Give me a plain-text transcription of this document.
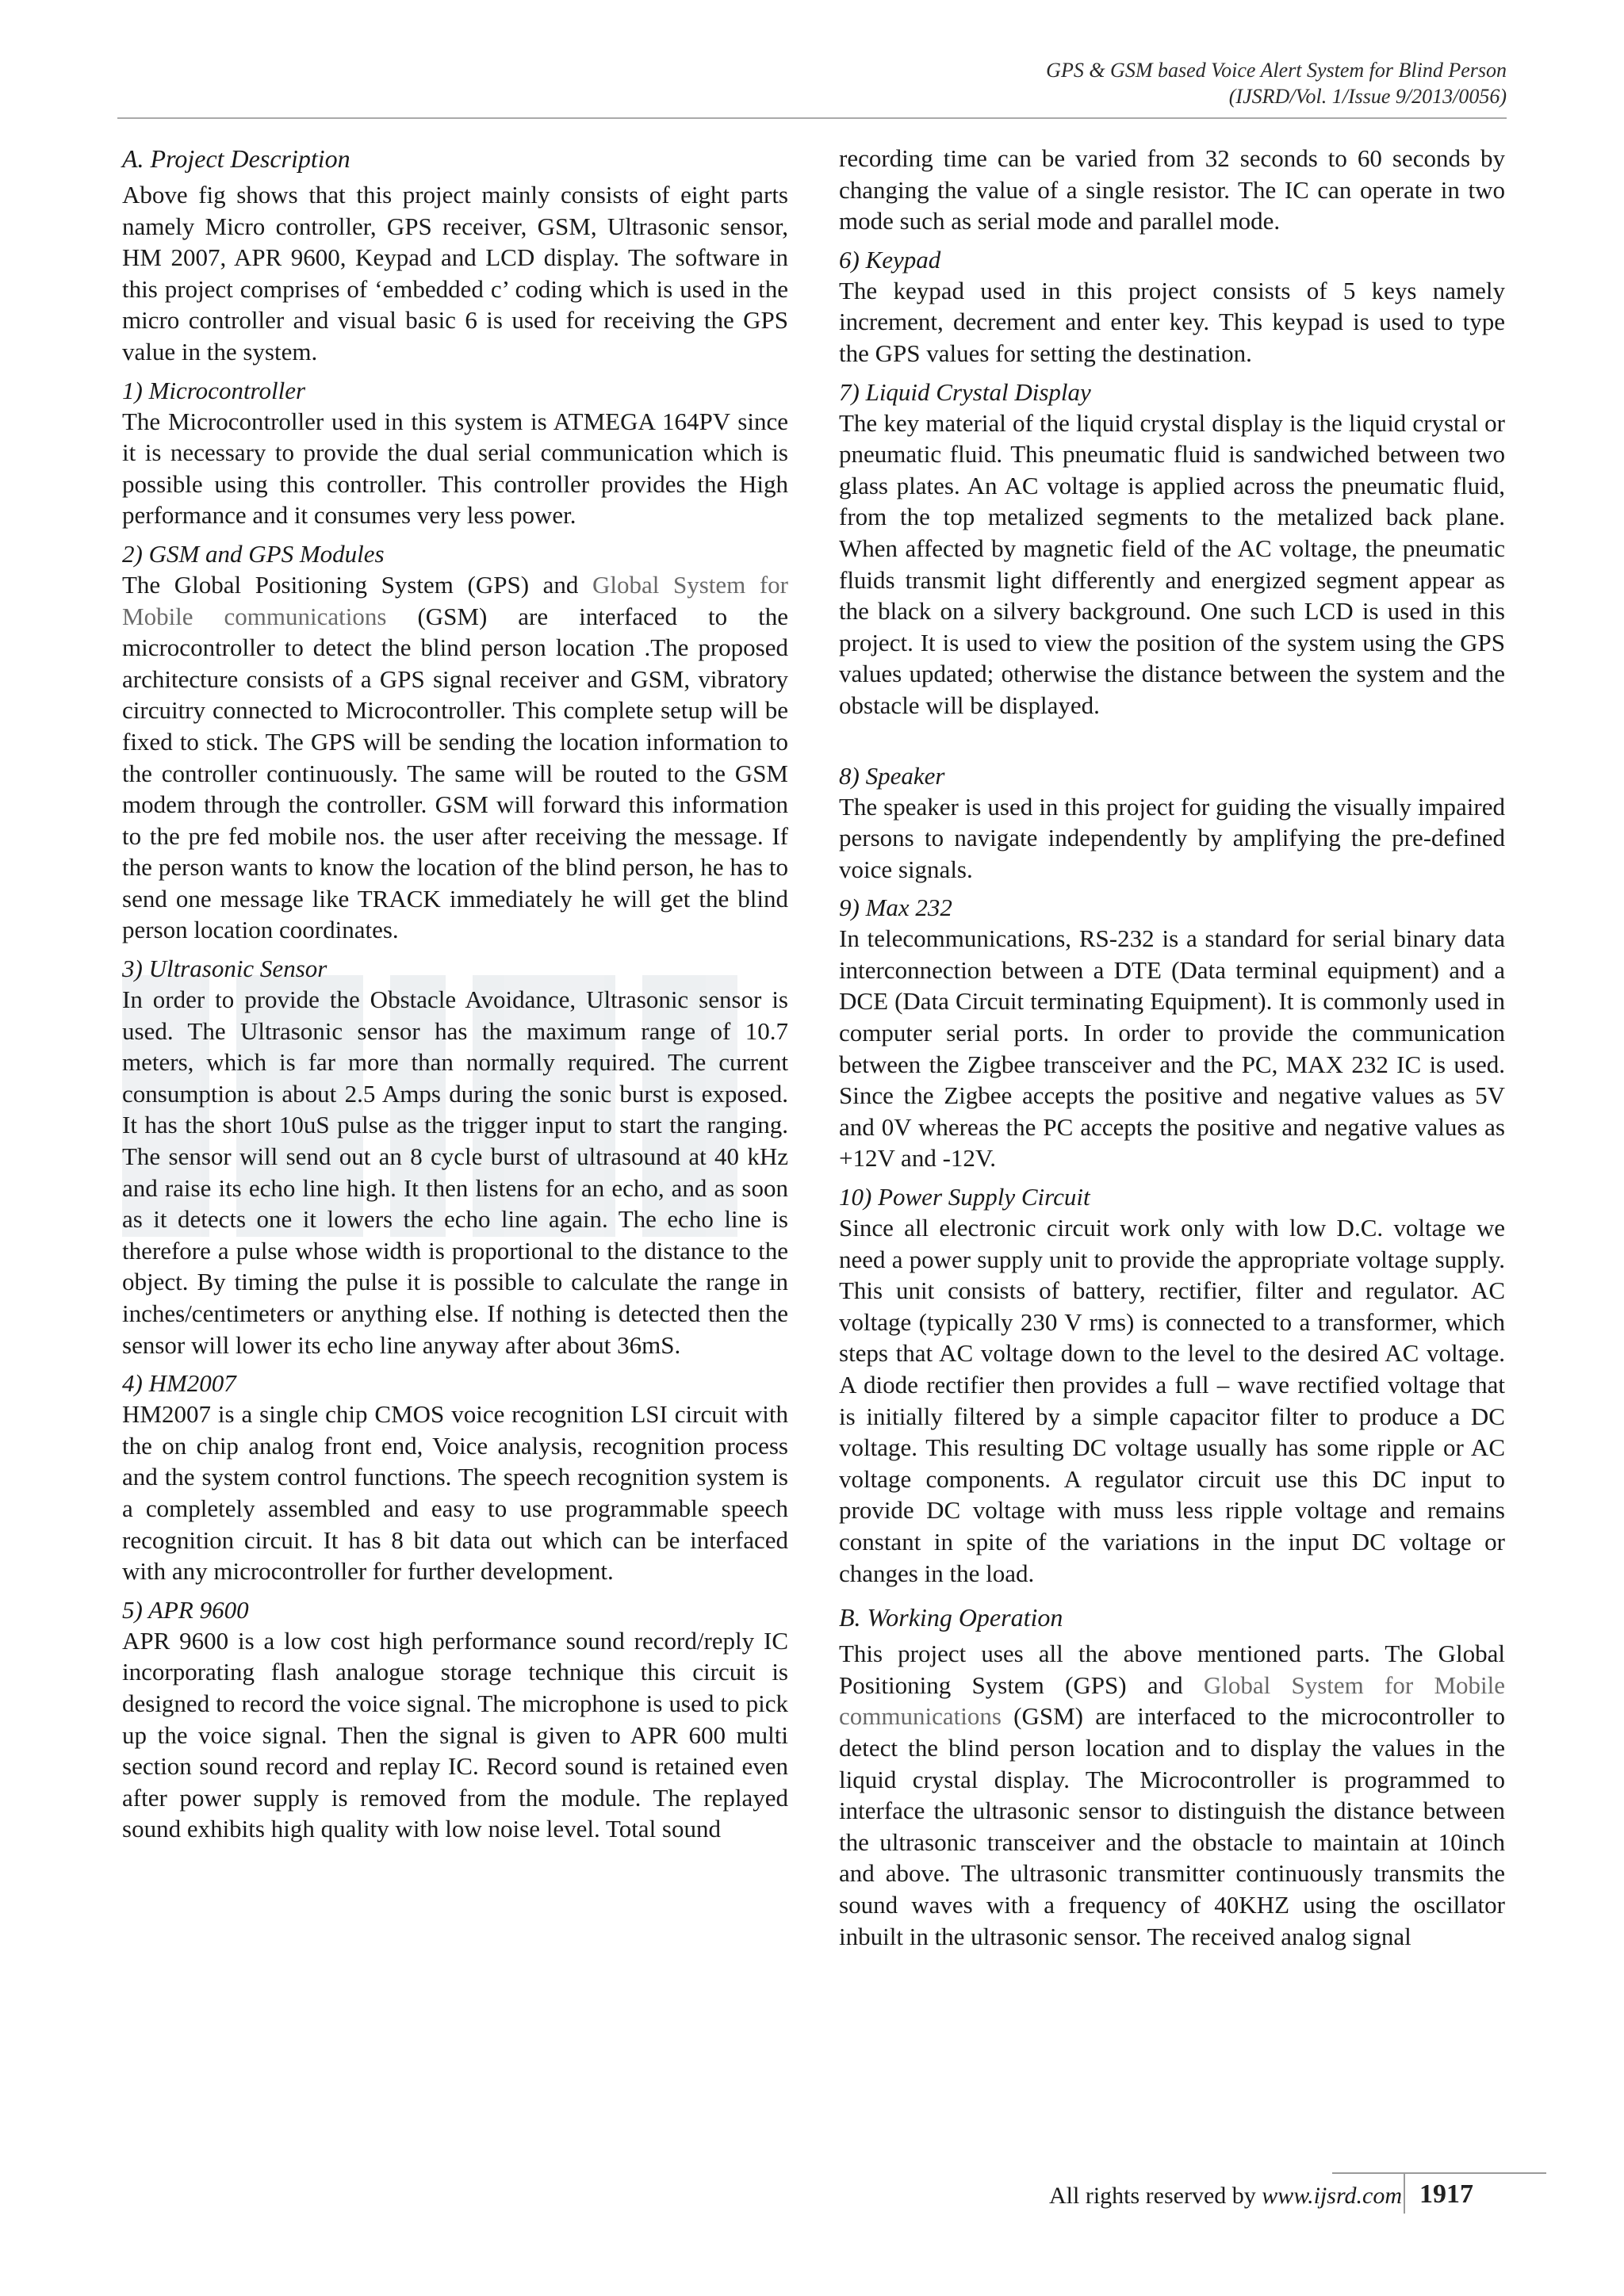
GPS & GSM based Voice Alert System for Blind Person
(IJSRD/Vol. 1/Issue 9/2013/0056)
A. Project Description

Above fig shows that this project mainly consists of eight parts namely Micro controller, GPS receiver, GSM, Ultrasonic sensor, HM 2007, APR 9600, Keypad and LCD display. The software in this project comprises of ‘embedded c’ coding which is used in the micro controller and visual basic 6 is used for receiving the GPS value in the system.

1) Microcontroller

The Microcontroller used in this system is ATMEGA 164PV since it is necessary to provide the dual serial communication which is possible using this controller. This controller provides the High performance and it consumes very less power.

2) GSM and GPS Modules

The Global Positioning System (GPS) and Global System for Mobile communications (GSM) are interfaced to the microcontroller to detect the blind person location .The proposed architecture consists of a GPS signal receiver and GSM, vibratory circuitry connected to Microcontroller. This complete setup will be fixed to stick. The GPS will be sending the location information to the controller continuously. The same will be routed to the GSM modem through the controller. GSM will forward this information to the pre fed mobile nos. the user after receiving the message. If the person wants to know the location of the blind person, he has to send one message like TRACK immediately he will get the blind person location coordinates.

3) Ultrasonic Sensor

In order to provide the Obstacle Avoidance, Ultrasonic sensor is used. The Ultrasonic sensor has the maximum range of 10.7 meters, which is far more than normally required. The current consumption is about 2.5 Amps during the sonic burst is exposed. It has the short 10uS pulse as the trigger input to start the ranging. The sensor will send out an 8 cycle burst of ultrasound at 40 kHz and raise its echo line high. It then listens for an echo, and as soon as it detects one it lowers the echo line again. The echo line is therefore a pulse whose width is proportional to the distance to the object. By timing the pulse it is possible to calculate the range in inches/centimeters or anything else. If nothing is detected then the sensor will lower its echo line anyway after about 36mS.

4) HM2007

HM2007 is a single chip CMOS voice recognition LSI circuit with the on chip analog front end, Voice analysis, recognition process and the system control functions. The speech recognition system is a completely assembled and easy to use programmable speech recognition circuit. It has 8 bit data out which can be interfaced with any microcontroller for further development.

5) APR 9600

APR 9600 is a low cost high performance sound record/reply IC incorporating flash analogue storage technique this circuit is designed to record the voice signal. The microphone is used to pick up the voice signal. Then the signal is given to APR 600 multi section sound record and replay IC. Record sound is retained even after power supply is removed from the module. The replayed sound exhibits high quality with low noise level. Total sound

recording time can be varied from 32 seconds to 60 seconds by changing the value of a single resistor. The IC can operate in two mode such as serial mode and parallel mode.

6) Keypad

The keypad used in this project consists of 5 keys namely increment, decrement and enter key. This keypad is used to type the GPS values for setting the destination.

7) Liquid Crystal Display

The key material of the liquid crystal display is the liquid crystal or pneumatic fluid. This pneumatic fluid is sandwiched between two glass plates. An AC voltage is applied across the pneumatic fluid, from the top metalized segments to the metalized back plane. When affected by magnetic field of the AC voltage, the pneumatic fluids transmit light differently and energized segment appear as the black on a silvery background. One such LCD is used in this project. It is used to view the position of the system using the GPS values updated; otherwise the distance between the system and the obstacle will be displayed.

8) Speaker

The speaker is used in this project for guiding the visually impaired persons to navigate independently by amplifying the pre-defined voice signals.

9) Max 232

In telecommunications, RS-232 is a standard for serial binary data interconnection between a DTE (Data terminal equipment) and a DCE (Data Circuit terminating Equipment). It is commonly used in computer serial ports. In order to provide the communication between the Zigbee transceiver and the PC, MAX 232 IC is used. Since the Zigbee accepts the positive and negative values as 5V and 0V whereas the PC accepts the positive and negative values as +12V and -12V.

10) Power Supply Circuit

Since all electronic circuit work only with low D.C. voltage we need a power supply unit to provide the appropriate voltage supply. This unit consists of battery, rectifier, filter and regulator. AC voltage (typically 230 V rms) is connected to a transformer, which steps that AC voltage down to the level to the desired AC voltage. A diode rectifier then provides a full – wave rectified voltage that is initially filtered by a simple capacitor filter to produce a DC voltage. This resulting DC voltage usually has some ripple or AC voltage components. A regulator circuit use this DC input to provide DC voltage with muss less ripple voltage and remains constant in spite of the variations in the input DC voltage or changes in the load.

B. Working Operation

This project uses all the above mentioned parts. The Global Positioning System (GPS) and Global System for Mobile communications (GSM) are interfaced to the microcontroller to detect the blind person location and to display the values in the liquid crystal display. The Microcontroller is programmed to interface the ultrasonic sensor to distinguish the distance between the ultrasonic transceiver and the obstacle to maintain at 10inch and above. The ultrasonic transmitter continuously transmits the sound waves with a frequency of 40KHZ using the oscillator inbuilt in the ultrasonic sensor. The received analog signal

All rights reserved by www.ijsrd.com 1917
